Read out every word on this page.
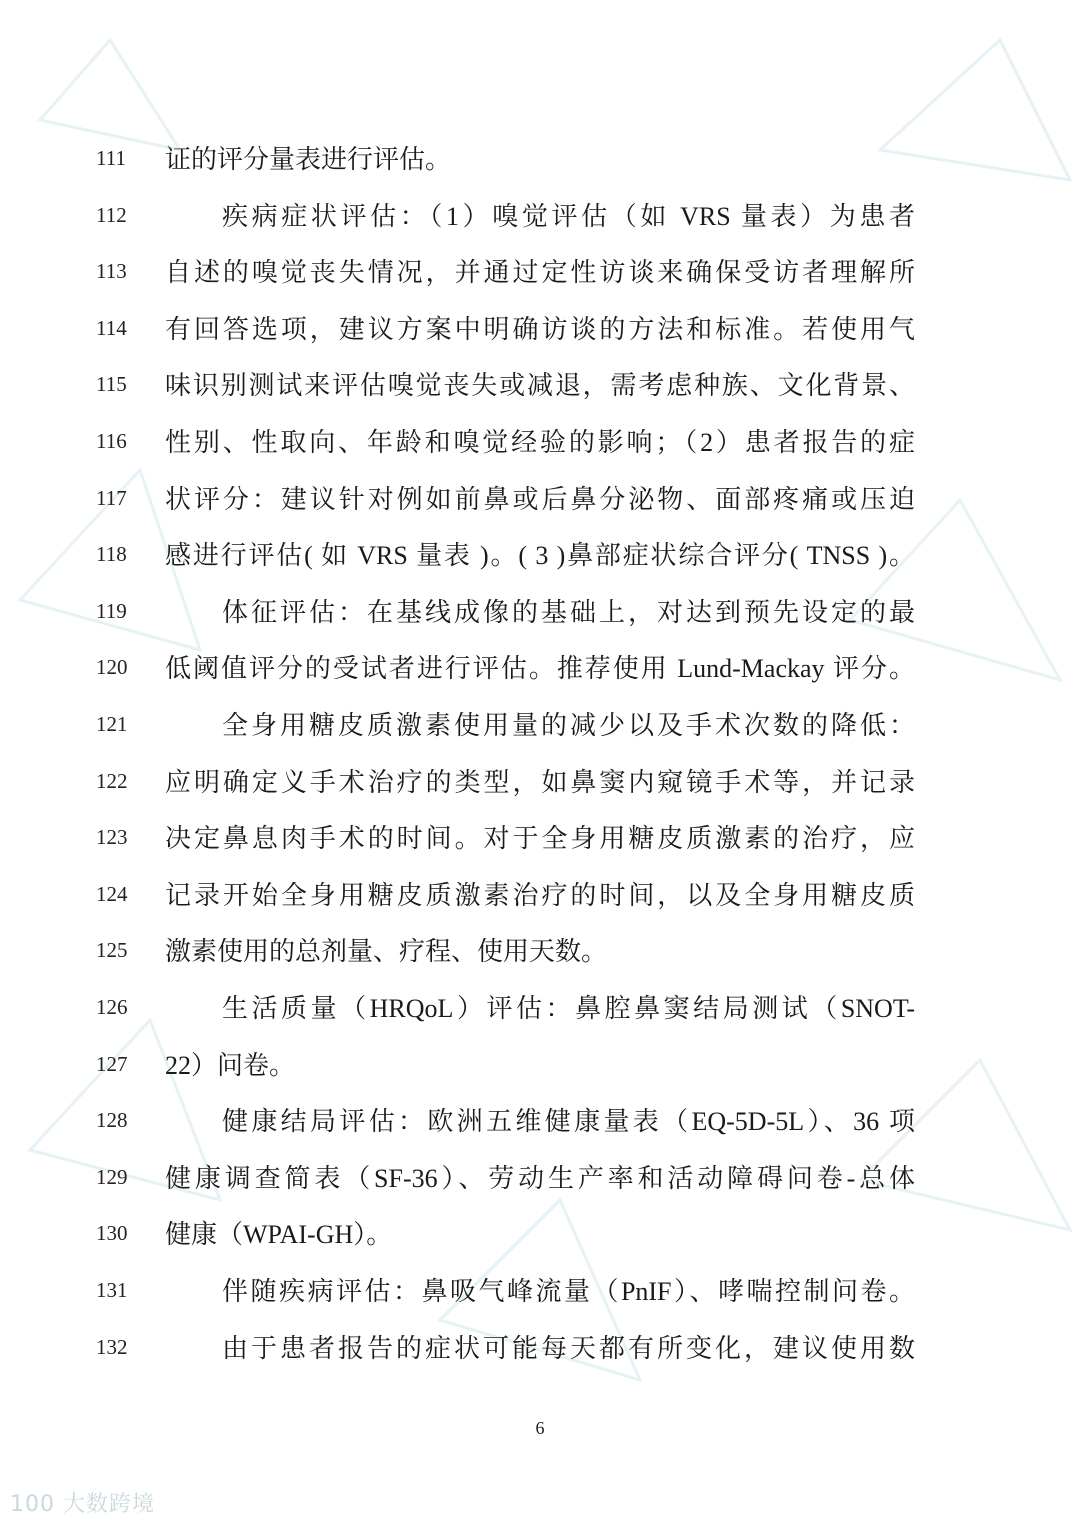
111 证的评分量表进行评估。
112	疾病症状评估：（1）嗅觉评估（如 VRS 量表）为患者
113 自述的嗅觉丧失情况，并通过定性访谈来确保受访者理解所
114 有回答选项，建议方案中明确访谈的方法和标准。若使用气
115 味识别测试来评估嗅觉丧失或减退，需考虑种族、文化背景、
116 性别、性取向、年龄和嗅觉经验的影响；（2）患者报告的症
117 状评分：建议针对例如前鼻或后鼻分泌物、面部疼痛或压迫
118 感进行评估( 如 VRS 量表 )。( 3 )鼻部症状综合评分( TNSS )。
119	体征评估：在基线成像的基础上，对达到预先设定的最
120 低阈值评分的受试者进行评估。推荐使用 Lund-Mackay 评分。
121	全身用糖皮质激素使用量的减少以及手术次数的降低：
122 应明确定义手术治疗的类型，如鼻窦内窥镜手术等，并记录
123 决定鼻息肉手术的时间。对于全身用糖皮质激素的治疗，应
124 记录开始全身用糖皮质激素治疗的时间，以及全身用糖皮质
125 激素使用的总剂量、疗程、使用天数。
126	生活质量（HRQoL）评估：鼻腔鼻窦结局测试（SNOT-
127 22）问卷。
128	健康结局评估：欧洲五维健康量表（EQ-5D-5L）、36 项
129 健康调查简表（SF-36）、劳动生产率和活动障碍问卷-总体
130 健康（WPAI-GH）。
131	伴随疾病评估：鼻吸气峰流量（PnIF）、哮喘控制问卷。
132	由于患者报告的症状可能每天都有所变化，建议使用数
6
100 大数跨境
